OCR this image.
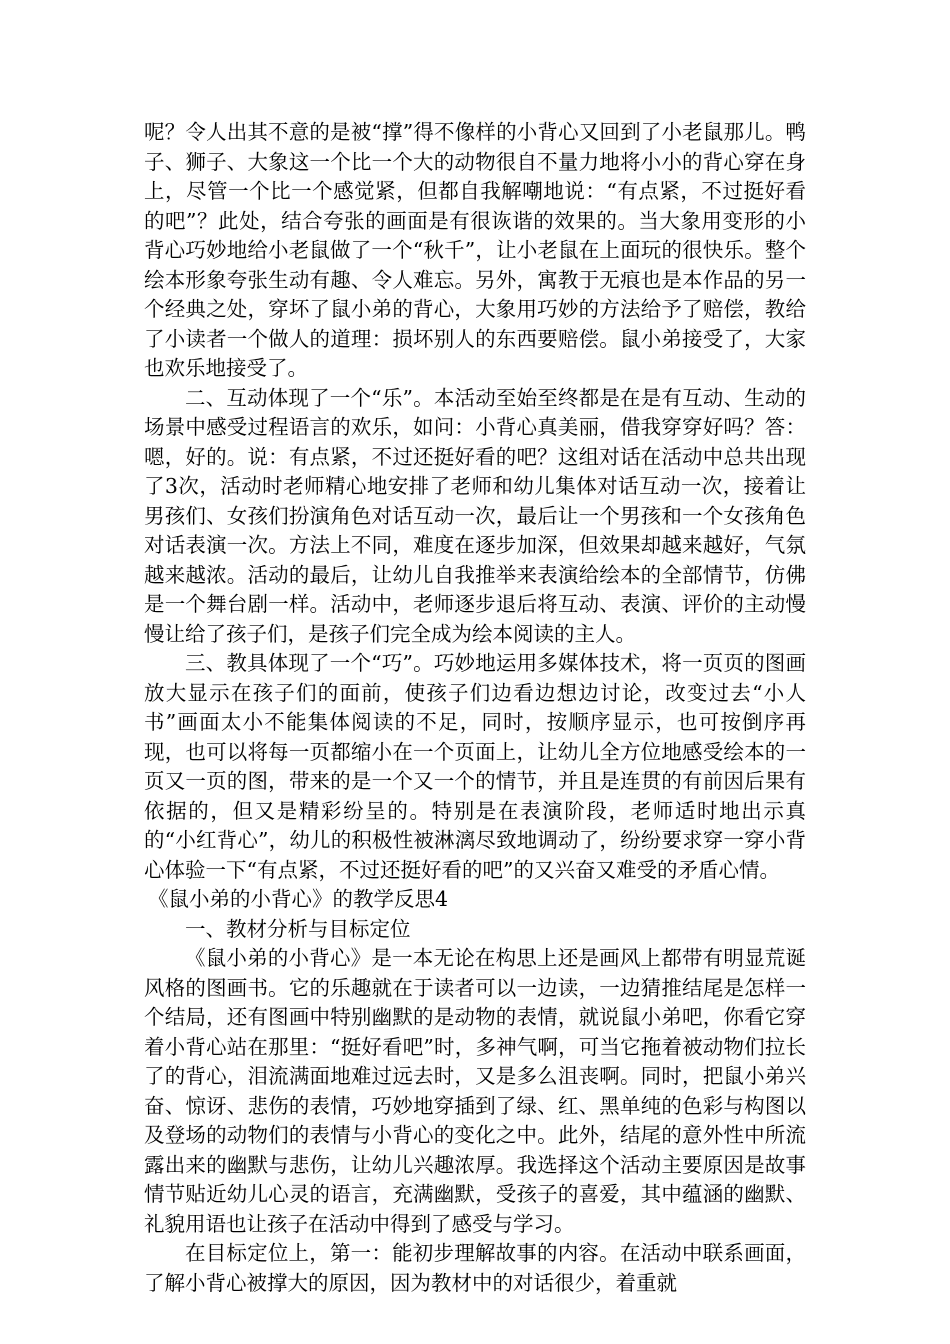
呢？令人出其不意的是被“撑”得不像样的小背心又回到了小老鼠那儿。鸭子、狮子、大象这一个比一个大的动物很自不量力地将小小的背心穿在身上，尽管一个比一个感觉紧，但都自我解嘲地说：“有点紧，不过挺好看的吧”？此处，结合夸张的画面是有很诙谐的效果的。当大象用变形的小背心巧妙地给小老鼠做了一个“秋千”，让小老鼠在上面玩的很快乐。整个绘本形象夸张生动有趣、令人难忘。另外，寓教于无痕也是本作品的另一个经典之处，穿坏了鼠小弟的背心，大象用巧妙的方法给予了赔偿，教给了小读者一个做人的道理：损坏别人的东西要赔偿。鼠小弟接受了，大家也欢乐地接受了。

二、互动体现了一个“乐”。本活动至始至终都是在是有互动、生动的场景中感受过程语言的欢乐，如问：小背心真美丽，借我穿穿好吗？答：嗯，好的。说：有点紧，不过还挺好看的吧？这组对话在活动中总共出现了3次，活动时老师精心地安排了老师和幼儿集体对话互动一次，接着让男孩们、女孩们扮演角色对话互动一次，最后让一个男孩和一个女孩角色对话表演一次。方法上不同，难度在逐步加深，但效果却越来越好，气氛越来越浓。活动的最后，让幼儿自我推举来表演给绘本的全部情节，仿佛是一个舞台剧一样。活动中，老师逐步退后将互动、表演、评价的主动慢慢让给了孩子们，是孩子们完全成为绘本阅读的主人。

三、教具体现了一个“巧”。巧妙地运用多媒体技术，将一页页的图画放大显示在孩子们的面前，使孩子们边看边想边讨论，改变过去“小人书”画面太小不能集体阅读的不足，同时，按顺序显示，也可按倒序再现，也可以将每一页都缩小在一个页面上，让幼儿全方位地感受绘本的一页又一页的图，带来的是一个又一个的情节，并且是连贯的有前因后果有依据的，但又是精彩纷呈的。特别是在表演阶段，老师适时地出示真的“小红背心”，幼儿的积极性被淋漓尽致地调动了，纷纷要求穿一穿小背心体验一下“有点紧，不过还挺好看的吧”的又兴奋又难受的矛盾心情。

《鼠小弟的小背心》的教学反思4

一、教材分析与目标定位

《鼠小弟的小背心》是一本无论在构思上还是画风上都带有明显荒诞风格的图画书。它的乐趣就在于读者可以一边读，一边猜推结尾是怎样一个结局，还有图画中特别幽默的是动物的表情，就说鼠小弟吧，你看它穿着小背心站在那里：“挺好看吧”时，多神气啊，可当它拖着被动物们拉长了的背心，泪流满面地难过远去时，又是多么沮丧啊。同时，把鼠小弟兴奋、惊讶、悲伤的表情，巧妙地穿插到了绿、红、黑单纯的色彩与构图以及登场的动物们的表情与小背心的变化之中。此外，结尾的意外性中所流露出来的幽默与悲伤，让幼儿兴趣浓厚。我选择这个活动主要原因是故事情节贴近幼儿心灵的语言，充满幽默，受孩子的喜爱，其中蕴涵的幽默、礼貌用语也让孩子在活动中得到了感受与学习。

在目标定位上，第一：能初步理解故事的内容。在活动中联系画面，了解小背心被撑大的原因，因为教材中的对话很少，着重就
